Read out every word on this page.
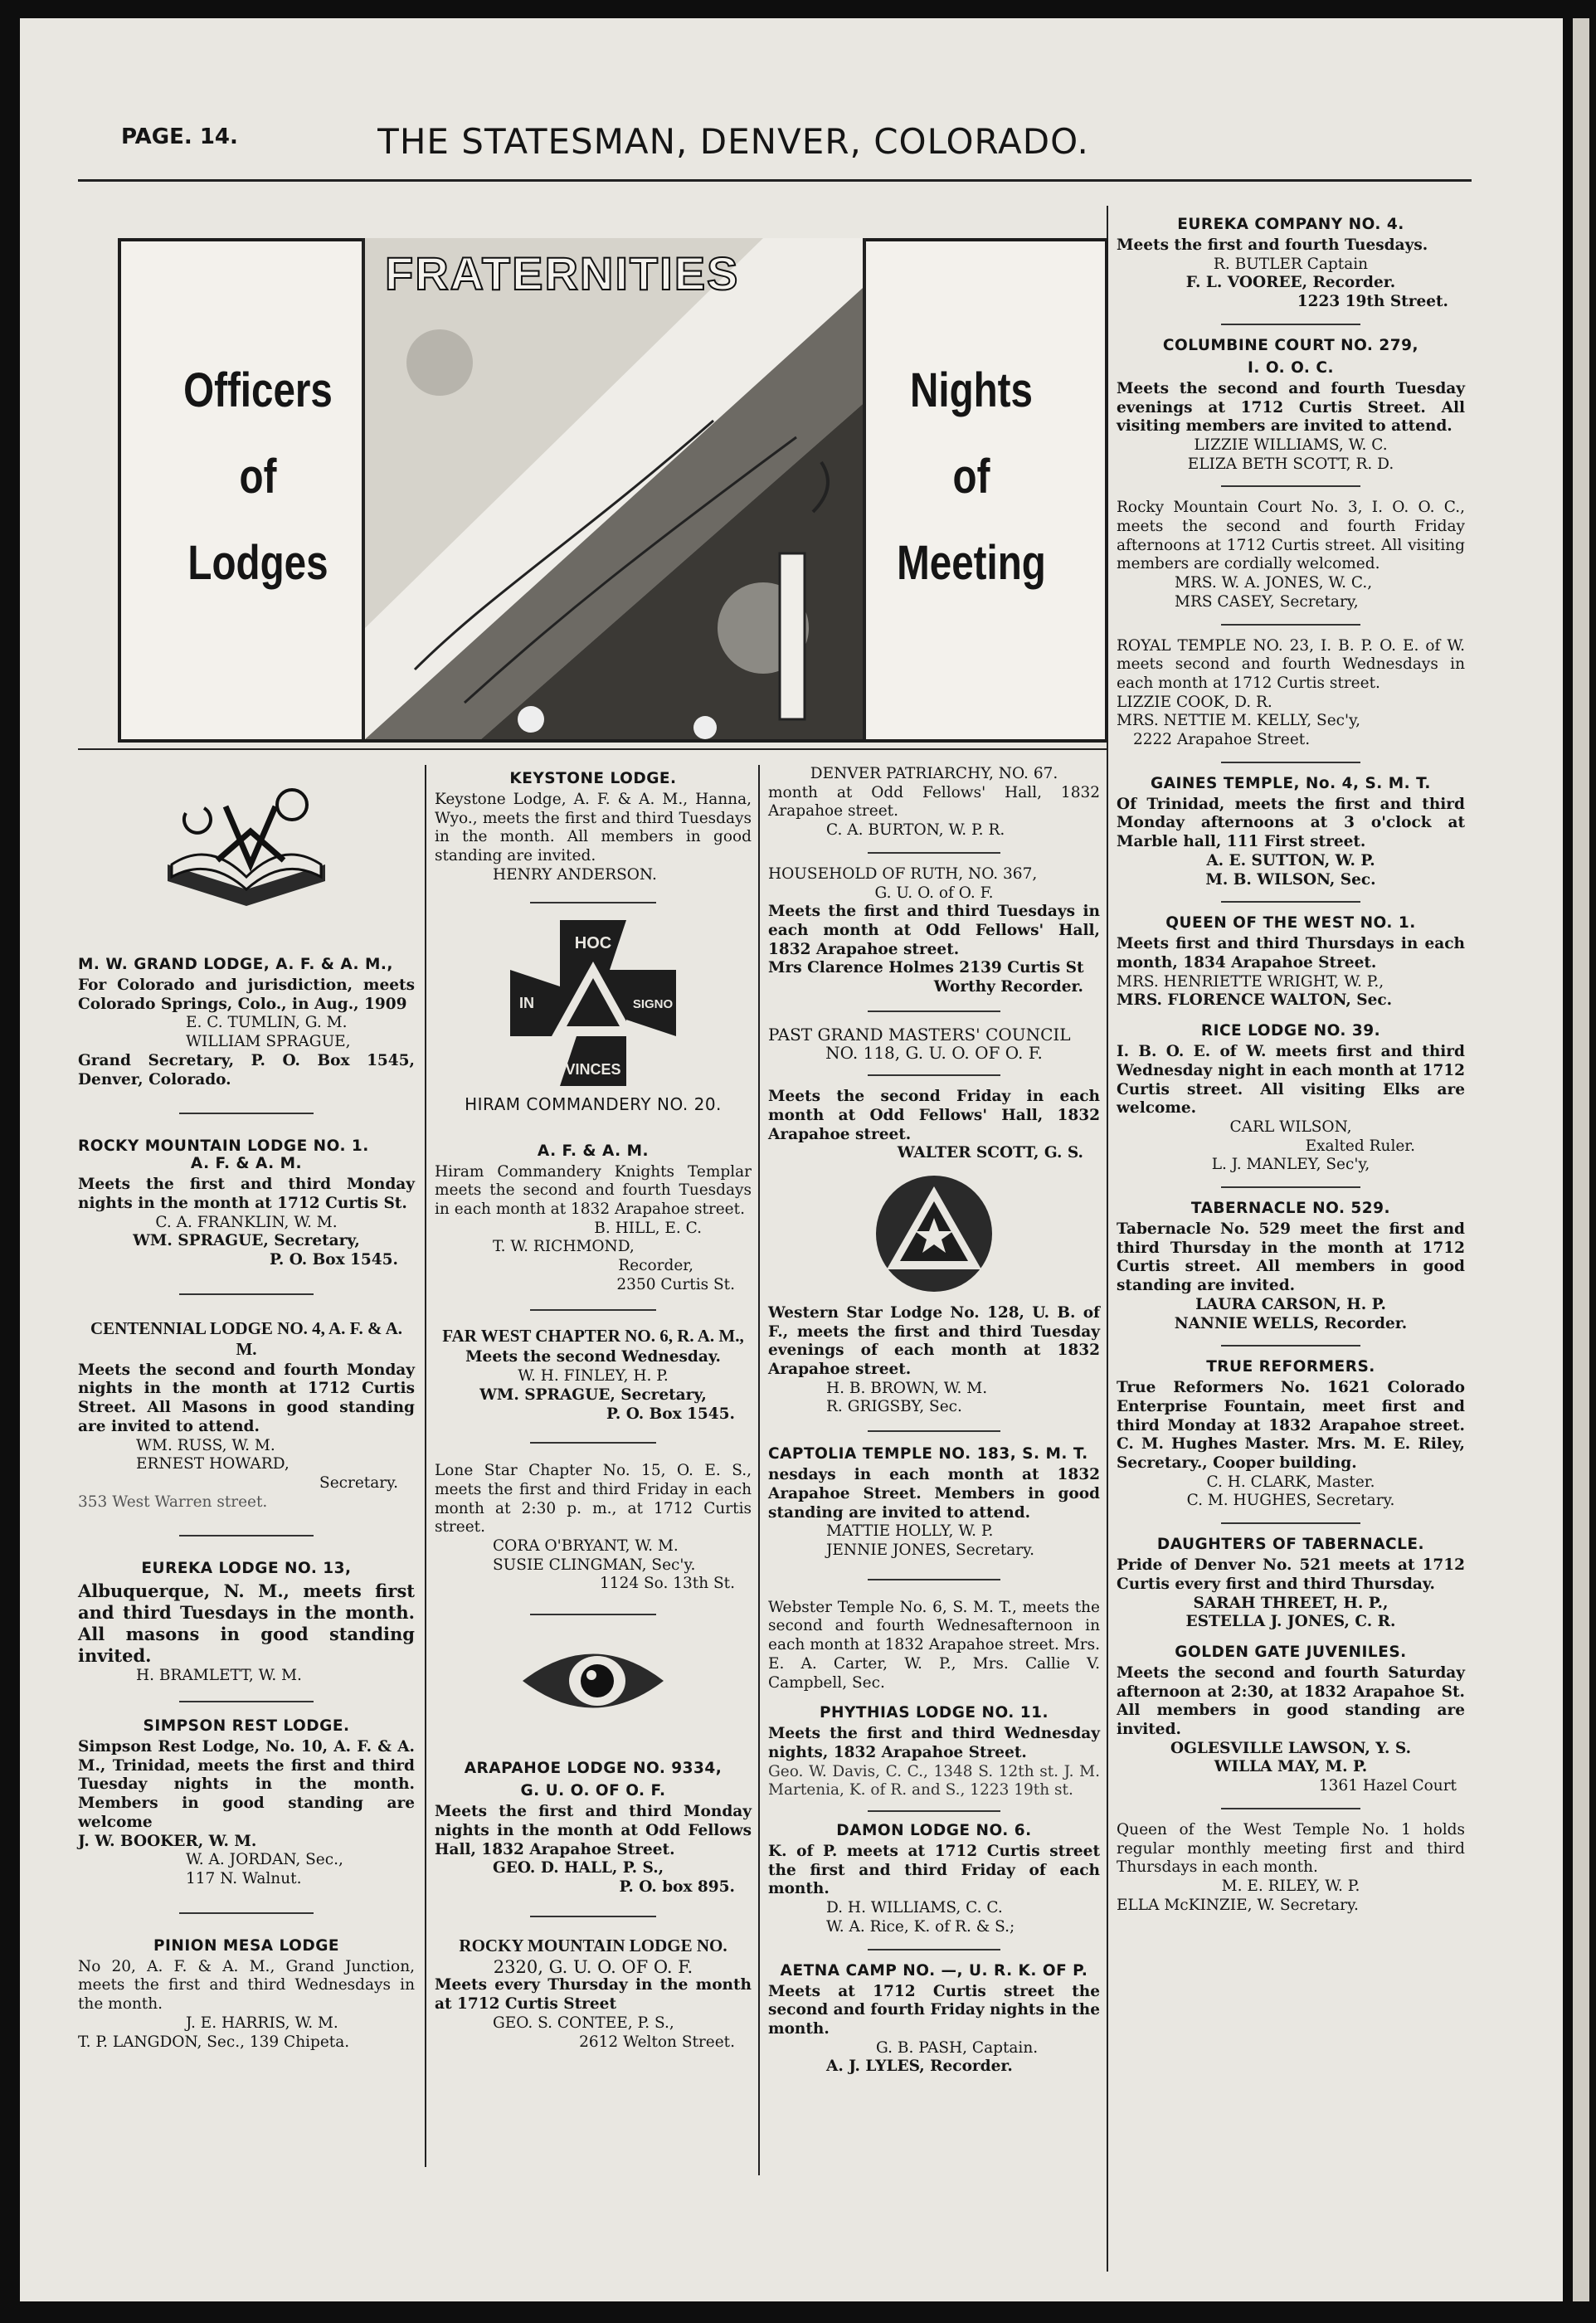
PAGE. 14.	THE STATESMAN, DENVER, COLORADO.
Officers
of
Lodges
Nights
of
Meeting
FRATERNITIES
M. W. GRAND LODGE, A. F. & A. M.,

For Colorado and jurisdiction, meets Colorado Springs, Colo., in Aug., 1909

E. C. TUMLIN, G. M.
WILLIAM SPRAGUE,

Grand Secretary, P. O. Box 1545, Denver, Colorado.

ROCKY MOUNTAIN LODGE NO. 1.
A. F. & A. M.

Meets the first and third Monday nights in the month at 1712 Curtis St.

C. A. FRANKLIN, W. M.
WM. SPRAGUE, Secretary,
P. O. Box 1545.
CENTENNIAL LODGE NO. 4, A. F. & A. M.

Meets the second and fourth Monday nights in the month at 1712 Curtis Street. All Masons in good standing are invited to attend.

WM. RUSS, W. M.
ERNEST HOWARD,
Secretary.
353 West Warren street.
EUREKA LODGE NO. 13,

Albuquerque, N. M., meets first and third Tuesdays in the month. All masons in good standing invited.

H. BRAMLETT, W. M.
SIMPSON REST LODGE.

Simpson Rest Lodge, No. 10, A. F. & A. M., Trinidad, meets the first and third Tuesday nights in the month. Members in good standing are welcome

J. W. BOOKER, W. M.
W. A. JORDAN, Sec.,
117 N. Walnut.
PINION MESA LODGE

No 20, A. F. & A. M., Grand Junction, meets the first and third Wednesdays in the month.

J. E. HARRIS, W. M.
T. P. LANGDON, Sec., 139 Chipeta.
KEYSTONE LODGE.

Keystone Lodge, A. F. & A. M., Hanna, Wyo., meets the first and third Tuesdays in the month. All members in good standing are invited.

HENRY ANDERSON.
HOC
IN	SIGNO
VINCES
HIRAM COMMANDERY NO. 20.
A. F. & A. M.

Hiram Commandery Knights Templar meets the second and fourth Tuesdays in each month at 1832 Arapahoe street.

B. HILL, E. C.
T. W. RICHMOND,
Recorder,
2350 Curtis St.
FAR WEST CHAPTER NO. 6, R. A. M.,
Meets the second Wednesday.
W. H. FINLEY, H. P.
WM. SPRAGUE, Secretary,
P. O. Box 1545.

Lone Star Chapter No. 15, O. E. S., meets the first and third Friday in each month at 2:30 p. m., at 1712 Curtis street.

CORA O'BRYANT, W. M.
SUSIE CLINGMAN, Sec'y.
1124 So. 13th St.
ARAPAHOE LODGE NO. 9334,
G. U. O. OF O. F.

Meets the first and third Monday nights in the month at Odd Fellows Hall, 1832 Arapahoe Street.

GEO. D. HALL, P. S.,
P. O. box 895.
ROCKY MOUNTAIN LODGE NO.
2320, G. U. O. OF O. F.

Meets every Thursday in the month at 1712 Curtis Street

GEO. S. CONTEE, P. S.,
2612 Welton Street.
DENVER PATRIARCHY, NO. 67.

month at Odd Fellows' Hall, 1832 Arapahoe street.

C. A. BURTON, W. P. R.
HOUSEHOLD OF RUTH, NO. 367,
G. U. O. of O. F.

Meets the first and third Tuesdays in each month at Odd Fellows' Hall, 1832 Arapahoe street.

Mrs Clarence Holmes 2139 Curtis St
Worthy Recorder.
PAST GRAND MASTERS' COUNCIL
NO. 118, G. U. O. OF O. F.

Meets the second Friday in each month at Odd Fellows' Hall, 1832 Arapahoe street.

WALTER SCOTT, G. S.

Western Star Lodge No. 128, U. B. of F., meets the first and third Tuesday evenings of each month at 1832 Arapahoe street.

H. B. BROWN, W. M.
R. GRIGSBY, Sec.
CAPTOLIA TEMPLE NO. 183, S. M. T.

nesdays in each month at 1832 Arapahoe Street. Members in good standing are invited to attend.

MATTIE HOLLY, W. P.
JENNIE JONES, Secretary.

Webster Temple No. 6, S. M. T., meets the second and fourth Wednesafternoon in each month at 1832 Arapahoe street. Mrs. E. A. Carter, W. P., Mrs. Callie V. Campbell, Sec.

PHYTHIAS LODGE NO. 11.

Meets the first and third Wednesday nights, 1832 Arapahoe Street.

Geo. W. Davis, C. C., 1348 S. 12th st. J. M. Martenia, K. of R. and S., 1223 19th st.

DAMON LODGE NO. 6.

K. of P. meets at 1712 Curtis street the first and third Friday of each month.

D. H. WILLIAMS, C. C.
W. A. Rice, K. of R. & S.;
AETNA CAMP NO. —, U. R. K. OF P.

Meets at 1712 Curtis street the second and fourth Friday nights in the month.

G. B. PASH, Captain.
A. J. LYLES, Recorder.
EUREKA COMPANY NO. 4.

Meets the first and fourth Tuesdays.

R. BUTLER Captain
F. L. VOOREE, Recorder.
1223 19th Street.
COLUMBINE COURT NO. 279,
I. O. O. C.

Meets the second and fourth Tuesday evenings at 1712 Curtis Street. All visiting members are invited to attend.

LIZZIE WILLIAMS, W. C.
ELIZA BETH SCOTT, R. D.

Rocky Mountain Court No. 3, I. O. O. C., meets the second and fourth Friday afternoons at 1712 Curtis street. All visiting members are cordially welcomed.

MRS. W. A. JONES, W. C.,
MRS CASEY, Secretary,

ROYAL TEMPLE NO. 23, I. B. P. O. E. of W. meets second and fourth Wednesdays in each month at 1712 Curtis street.

LIZZIE COOK, D. R.
MRS. NETTIE M. KELLY, Sec'y,
2222 Arapahoe Street.
GAINES TEMPLE, No. 4, S. M. T.

Of Trinidad, meets the first and third Monday afternoons at 3 o'clock at Marble hall, 111 First street.

A. E. SUTTON, W. P.
M. B. WILSON, Sec.
QUEEN OF THE WEST NO. 1.

Meets first and third Thursdays in each month, 1834 Arapahoe Street.

MRS. HENRIETTE WRIGHT, W. P.,
MRS. FLORENCE WALTON, Sec.
RICE LODGE NO. 39.

I. B. O. E. of W. meets first and third Wednesday night in each month at 1712 Curtis street. All visiting Elks are welcome.

CARL WILSON,
Exalted Ruler.
L. J. MANLEY, Sec'y,
TABERNACLE NO. 529.

Tabernacle No. 529 meet the first and third Thursday in the month at 1712 Curtis street. All members in good standing are invited.

LAURA CARSON, H. P.
NANNIE WELLS, Recorder.
TRUE REFORMERS.

True Reformers No. 1621 Colorado Enterprise Fountain, meet first and third Monday at 1832 Arapahoe street. C. M. Hughes Master. Mrs. M. E. Riley, Secretary., Cooper building.

C. H. CLARK, Master.
C. M. HUGHES, Secretary.
DAUGHTERS OF TABERNACLE.

Pride of Denver No. 521 meets at 1712 Curtis every first and third Thursday.

SARAH THREET, H. P.,
ESTELLA J. JONES, C. R.
GOLDEN GATE JUVENILES.

Meets the second and fourth Saturday afternoon at 2:30, at 1832 Arapahoe St. All members in good standing are invited.

OGLESVILLE LAWSON, Y. S.
WILLA MAY, M. P.
1361 Hazel Court

Queen of the West Temple No. 1 holds regular monthly meeting first and third Thursdays in each month.

M. E. RILEY, W. P.
ELLA McKINZIE, W. Secretary.
